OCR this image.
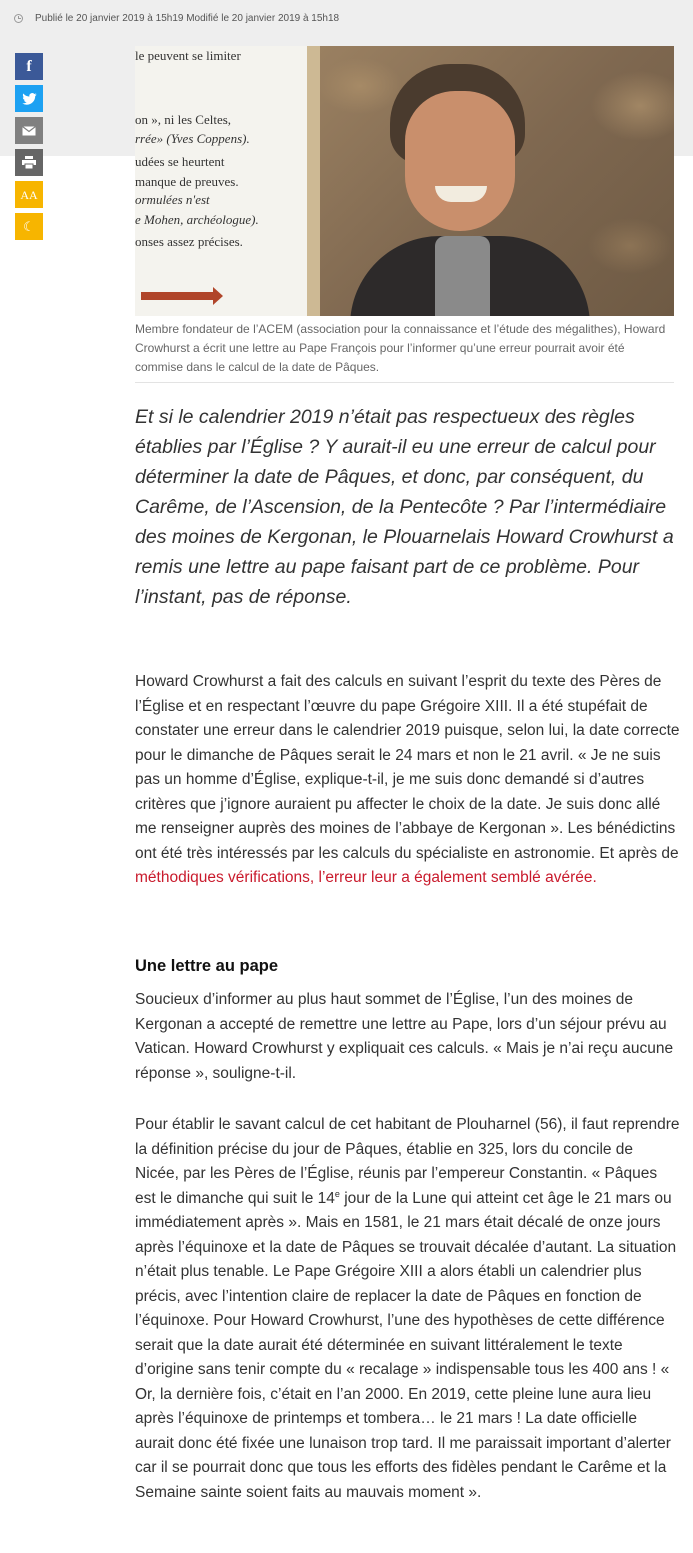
Publié le 20 janvier 2019 à 15h19 Modifié le 20 janvier 2019 à 15h18
f
AA
☾
le peuvent se limiter
on », ni les Celtes,
rrée» (Yves Coppens).
udées se heurtent
manque de preuves.
ormulées n'est
e Mohen, archéologue).
onses assez précises.
Membre fondateur de l’ACEM (association pour la connaissance et l’étude des mégalithes), Howard Crowhurst a écrit une lettre au Pape François pour l’informer qu’une erreur pourrait avoir été commise dans le calcul de la date de Pâques.
Et si le calendrier 2019 n’était pas respectueux des règles établies par l’Église ? Y aurait-il eu une erreur de calcul pour déterminer la date de Pâques, et donc, par conséquent, du Carême, de l’Ascension, de la Pentecôte ? Par l’intermédiaire des moines de Kergonan, le Plouarnelais Howard Crowhurst a remis une lettre au pape faisant part de ce problème. Pour l’instant, pas de réponse.
Howard Crowhurst a fait des calculs en suivant l’esprit du texte des Pères de l’Église et en respectant l’œuvre du pape Grégoire XIII. Il a été stupéfait de constater une erreur dans le calendrier 2019 puisque, selon lui, la date correcte pour le dimanche de Pâques serait le 24 mars et non le 21 avril. « Je ne suis pas un homme d’Église, explique-t-il, je me suis donc demandé si d’autres critères que j’ignore auraient pu affecter le choix de la date. Je suis donc allé me renseigner auprès des moines de l’abbaye de Kergonan ». Les bénédictins ont été très intéressés par les calculs du spécialiste en astronomie. Et après de méthodiques vérifications, l’erreur leur a également semblé avérée.
Une lettre au pape
Soucieux d’informer au plus haut sommet de l’Église, l’un des moines de Kergonan a accepté de remettre une lettre au Pape, lors d’un séjour prévu au Vatican. Howard Crowhurst y expliquait ces calculs. « Mais je n’ai reçu aucune réponse », souligne-t-il.
Pour établir le savant calcul de cet habitant de Plouharnel (56), il faut reprendre la définition précise du jour de Pâques, établie en 325, lors du concile de Nicée, par les Pères de l’Église, réunis par l’empereur Constantin. « Pâques est le dimanche qui suit le 14e jour de la Lune qui atteint cet âge le 21 mars ou immédiatement après ». Mais en 1581, le 21 mars était décalé de onze jours après l’équinoxe et la date de Pâques se trouvait décalée d’autant. La situation n’était plus tenable. Le Pape Grégoire XIII a alors établi un calendrier plus précis, avec l’intention claire de replacer la date de Pâques en fonction de l’équinoxe. Pour Howard Crowhurst, l’une des hypothèses de cette différence serait que la date aurait été déterminée en suivant littéralement le texte d’origine sans tenir compte du « recalage » indispensable tous les 400 ans ! « Or, la dernière fois, c’était en l’an 2000. En 2019, cette pleine lune aura lieu après l’équinoxe de printemps et tombera… le 21 mars ! La date officielle aurait donc été fixée une lunaison trop tard. Il me paraissait important d’alerter car il se pourrait donc que tous les efforts des fidèles pendant le Carême et la Semaine sainte soient faits au mauvais moment ».
